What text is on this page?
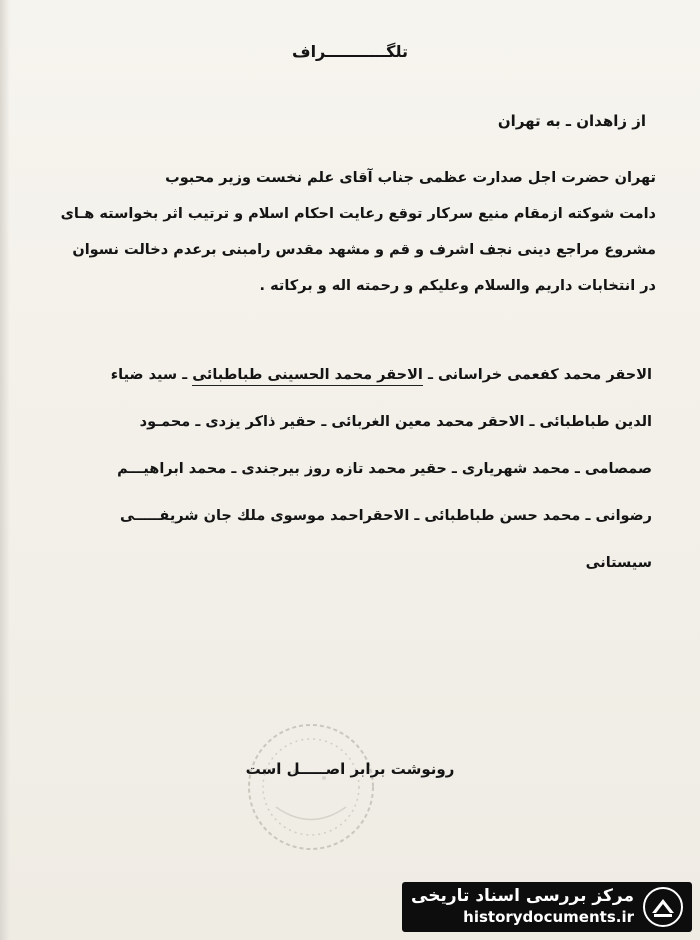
تلگـــــــــــراف
از زاهدان ـ به تهران
تهران حضرت اجل صدارت عظمی جناب آقای علم نخست وزیر محبوب
دامت شوکته ازمقام منیع سرکار توقع رعایت احکام اسلام و ترتیب اثر بخواسته هـای
مشروع مراجع دینی نجف اشرف و قم و مشهد مقدس رامبنی برعدم دخالت نسوان
در انتخابات داریم والسلام وعلیکم و رحمته اله و برکاته .
الاحقر محمد کفعمی خراسانی ـ الاحقر محمد الحسینی طباطبائی ـ سید ضیاء
الدین طباطبائی ـ الاحقر محمد معین الغربائی ـ حقیر ذاکر یزدی ـ محمـود
صمصامی ـ محمد شهریاری ـ حقیر محمد تازه روز بیرجندی ـ محمد ابراهیـــم
رضوانی ـ محمد حسن طباطبائی ـ الاحقراحمد موسوی ملك جان شریفـــــی
سیستانی
رونوشت برابر اصـــــل است
مرکز بررسی اسناد تاریخی
historydocuments.ir
